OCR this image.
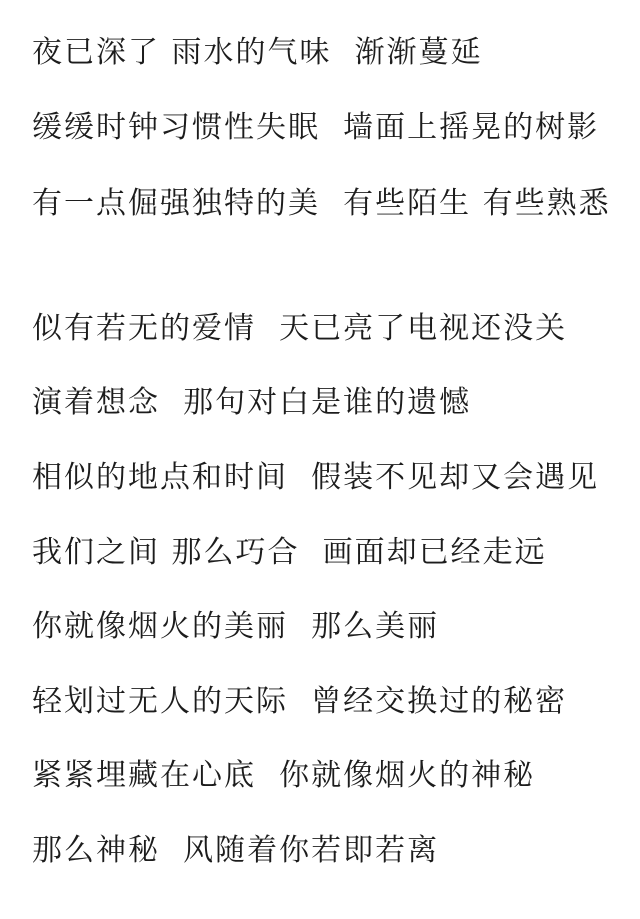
夜已深了 雨水的气味  渐渐蔓延
缓缓时钟习惯性失眠  墙面上摇晃的树影
有一点倔强独特的美  有些陌生 有些熟悉
似有若无的爱情  天已亮了电视还没关
演着想念  那句对白是谁的遗憾
相似的地点和时间  假装不见却又会遇见
我们之间 那么巧合  画面却已经走远
你就像烟火的美丽  那么美丽
轻划过无人的天际  曾经交换过的秘密
紧紧埋藏在心底  你就像烟火的神秘
那么神秘  风随着你若即若离
